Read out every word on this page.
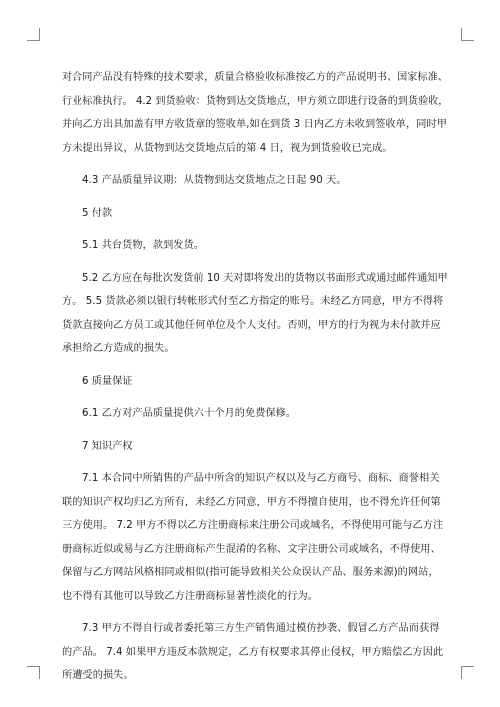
对合同产品没有特殊的技术要求，质量合格验收标准按乙方的产品说明书、国家标准、
行业标准执行。 4.2 到货验收：货物到达交货地点，甲方须立即进行设备的到货验收，
并向乙方出具加盖有甲方收货章的签收单,如在到货 3 日内乙方未收到签收单，同时甲
方未提出异议，从货物到达交货地点后的第 4 日，视为到货验收已完成。

4.3 产品质量异议期：从货物到达交货地点之日起 90 天。

5 付款

5.1 共台货物，款到发货。

5.2 乙方应在每批次发货前 10 天对即将发出的货物以书面形式或通过邮件通知甲
方。 5.5 货款必须以银行转帐形式付至乙方指定的账号。未经乙方同意，甲方不得将
货款直接向乙方员工或其他任何单位及个人支付。否则，甲方的行为视为未付款并应
承担给乙方造成的损失。

6 质量保证

6.1 乙方对产品质量提供六十个月的免费保修。

7 知识产权

7.1 本合同中所销售的产品中所含的知识产权以及与乙方商号、商标、商誉相关
联的知识产权均归乙方所有，未经乙方同意，甲方不得擅自使用，也不得允许任何第
三方使用。 7.2 甲方不得以乙方注册商标来注册公司或域名，不得使用可能与乙方注
册商标近似或易与乙方注册商标产生混淆的名称、文字注册公司或域名，不得使用、
保留与乙方网站风格相同或相似(指可能导致相关公众误认产品、服务来源)的网站，
也不得有其他可以导致乙方注册商标显著性淡化的行为。

7.3 甲方不得自行或者委托第三方生产销售通过模仿抄袭、假冒乙方产品而获得
的产品。 7.4 如果甲方违反本款规定，乙方有权要求其停止侵权，甲方赔偿乙方因此
所遭受的损失。
